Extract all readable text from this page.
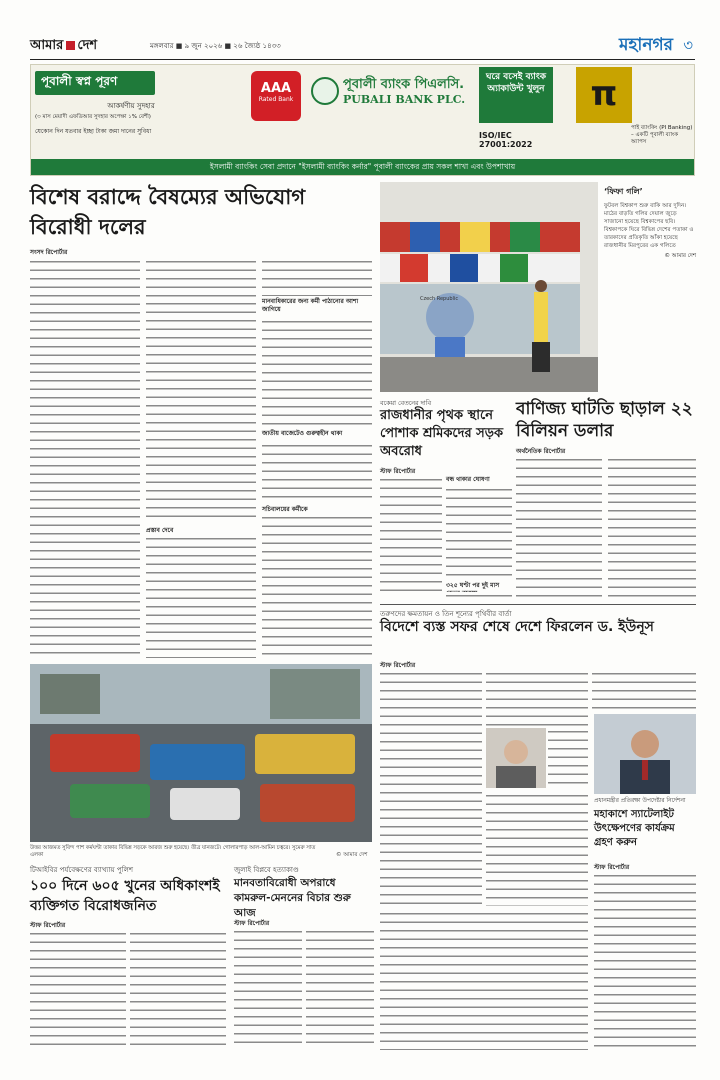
আমার দেশ	মঙ্গলবার ■ ৯ জুন ২০২৬ ■ ২৬ জ্যৈষ্ঠ ১৪৩৩	মহানগর ৩
পূবালী স্বপ্ন পূরণ
আকর্ষণীয় সুদহার
(৩ মাস মেয়াদী এফডিআর সুদহার অপেক্ষা ১% বেশী)
যেকোন দিন যতবার ইচ্ছা টাকা জমা দানের সুবিধা
AAA
Rated Bank
পূবালী ব্যাংক পিএলসি.
PUBALI BANK PLC.
ঘরে বসেই ব্যাংক অ্যাকাউন্ট খুলুন
ISO/IEC 27001:2022
π
পাই ব্যাংকিং (PI Banking) – একটি পূবালী ব্যাংক অ্যাপস
ইসলামী ব্যাংকিং সেবা প্রদানে "ইসলামী ব্যাংকিং কর্নার" পূবালী ব্যাংকের প্রায় সকল শাখা এবং উপশাখায়
বিশেষ বরাদ্দে বৈষম্যের অভিযোগ
বিরোধী দলের
সংসদ রিপোর্টার
প্রস্তাব দেবে
মানবাধিকারের জন্য কর্মী পাঠানোর আশা জাগিয়ে
জাতীয় বাজেটেও গুরুত্বহীন থাকা
সচিবালয়ের কর্মীকে
উত্তর আজমত সুবিন্দ পাশ কর্মঘণ্টা তাকার বিভিন্ন সড়কে আরজ শুরু হয়েছে। তীব্র যানজটে। গোলারপাড় আল-আমিন চত্বরে। সুমেরু সাত এলকা	© আমার দেশ
Czech Republic
‘ফিফা গলি’
ফুটবল বিশ্বকাপ শুরু বাকি আর দুদিন। মাঠের বাড়তি গলির দেয়াল জুড়ে সাজানো হয়েছে বিশ্বকাপের ছবি। বিশ্বকাপকে ঘিরে বিভিন্ন দেশের পতাকা ও তারকাদের প্রতিকৃতি আঁকা হয়েছে রাজধানীর মিরপুরের এক গলিতে
© আমার দেশ
বকেয়া বেতনের দাবি
রাজধানীর পৃথক স্থানে পোশাক শ্রমিকদের সড়ক অবরোধ
স্টাফ রিপোর্টার
বন্ধ থাকার ঘোষণা
৩২৫ ঘণ্টা পর দুই মাস
বাণিজ্য ঘাটতি ছাড়াল ২২ বিলিয়ন ডলার
অর্থনৈতিক রিপোর্টার
তরুণদের ক্ষমতায়ন ও তিন শূন্যের পৃথিবীর বার্তা
বিদেশে ব্যস্ত সফর শেষে দেশে ফিরলেন ড. ইউনূস
স্টাফ রিপোর্টার
প্রধানমন্ত্রীর প্রতিরক্ষা উপদেষ্টার নির্দেশনা
মহাকাশে স্যাটেলাইট উৎক্ষেপণের কার্যক্রম গ্রহণ করুন
স্টাফ রিপোর্টার
টিআইবির পর্যবেক্ষণের ব্যাখ্যায় পুলিশ
১০০ দিনে ৬০৫ খুনের অধিকাংশই ব্যক্তিগত বিরোধজনিত
স্টাফ রিপোর্টার
জুলাই বিপ্লবে হত্যাকাণ্ড
মানবতাবিরোধী অপরাধে কামরুল-মেননের বিচার শুরু আজ
স্টাফ রিপোর্টার
